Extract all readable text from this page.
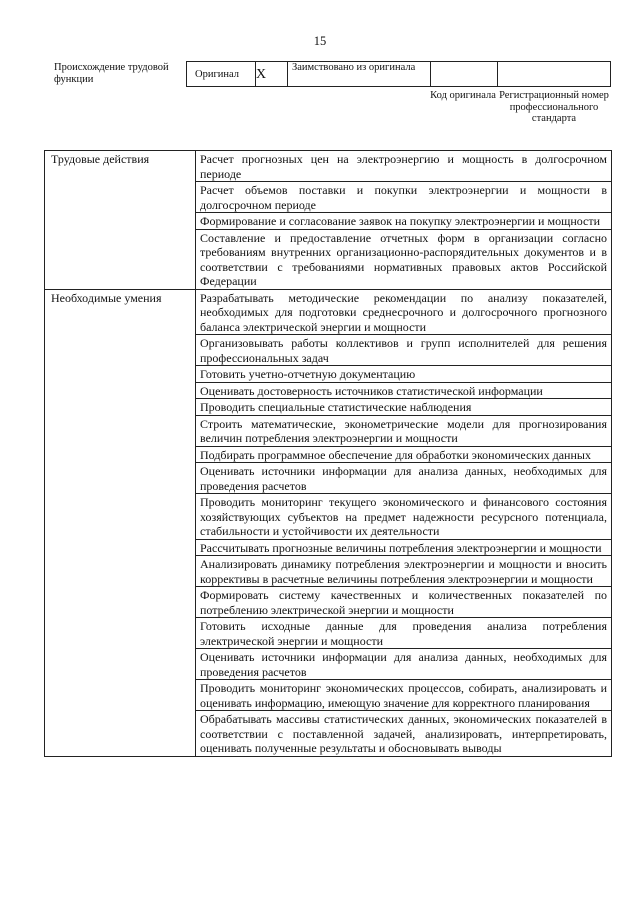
15
Происхождение трудовой функции	Оригинал	X	Заимствовано из оригинала		
Код оригинала Регистрационный номер профессионального стандарта
Трудовые действия	Расчет прогнозных цен на электроэнергию и мощность в долгосрочном периоде
	Расчет объемов поставки и покупки электроэнергии и мощности в долгосрочном периоде
	Формирование и согласование заявок на покупку электроэнергии и мощности
	Составление и предоставление отчетных форм в организации согласно требованиям внутренних организационно-распорядительных документов и в соответствии с требованиями нормативных правовых актов Российской Федерации
Необходимые умения	Разрабатывать методические рекомендации по анализу показателей, необходимых для подготовки среднесрочного и долгосрочного прогнозного баланса электрической энергии и мощности
	Организовывать работы коллективов и групп исполнителей для решения профессиональных задач
	Готовить учетно-отчетную документацию
	Оценивать достоверность источников статистической информации
	Проводить специальные статистические наблюдения
	Строить математические, эконометрические модели для прогнозирования величин потребления электроэнергии и мощности
	Подбирать программное обеспечение для обработки экономических данных
	Оценивать источники информации для анализа данных, необходимых для проведения расчетов
	Проводить мониторинг текущего экономического и финансового состояния хозяйствующих субъектов на предмет надежности ресурсного потенциала, стабильности и устойчивости их деятельности
	Рассчитывать прогнозные величины потребления электроэнергии и мощности
	Анализировать динамику потребления электроэнергии и мощности и вносить коррективы в расчетные величины потребления электроэнергии и мощности
	Формировать систему качественных и количественных показателей по потреблению электрической энергии и мощности
	Готовить исходные данные для проведения анализа потребления электрической энергии и мощности
	Оценивать источники информации для анализа данных, необходимых для проведения расчетов
	Проводить мониторинг экономических процессов, собирать, анализировать и оценивать информацию, имеющую значение для корректного планирования
	Обрабатывать массивы статистических данных, экономических показателей в соответствии с поставленной задачей, анализировать, интерпретировать, оценивать полученные результаты и обосновывать выводы
